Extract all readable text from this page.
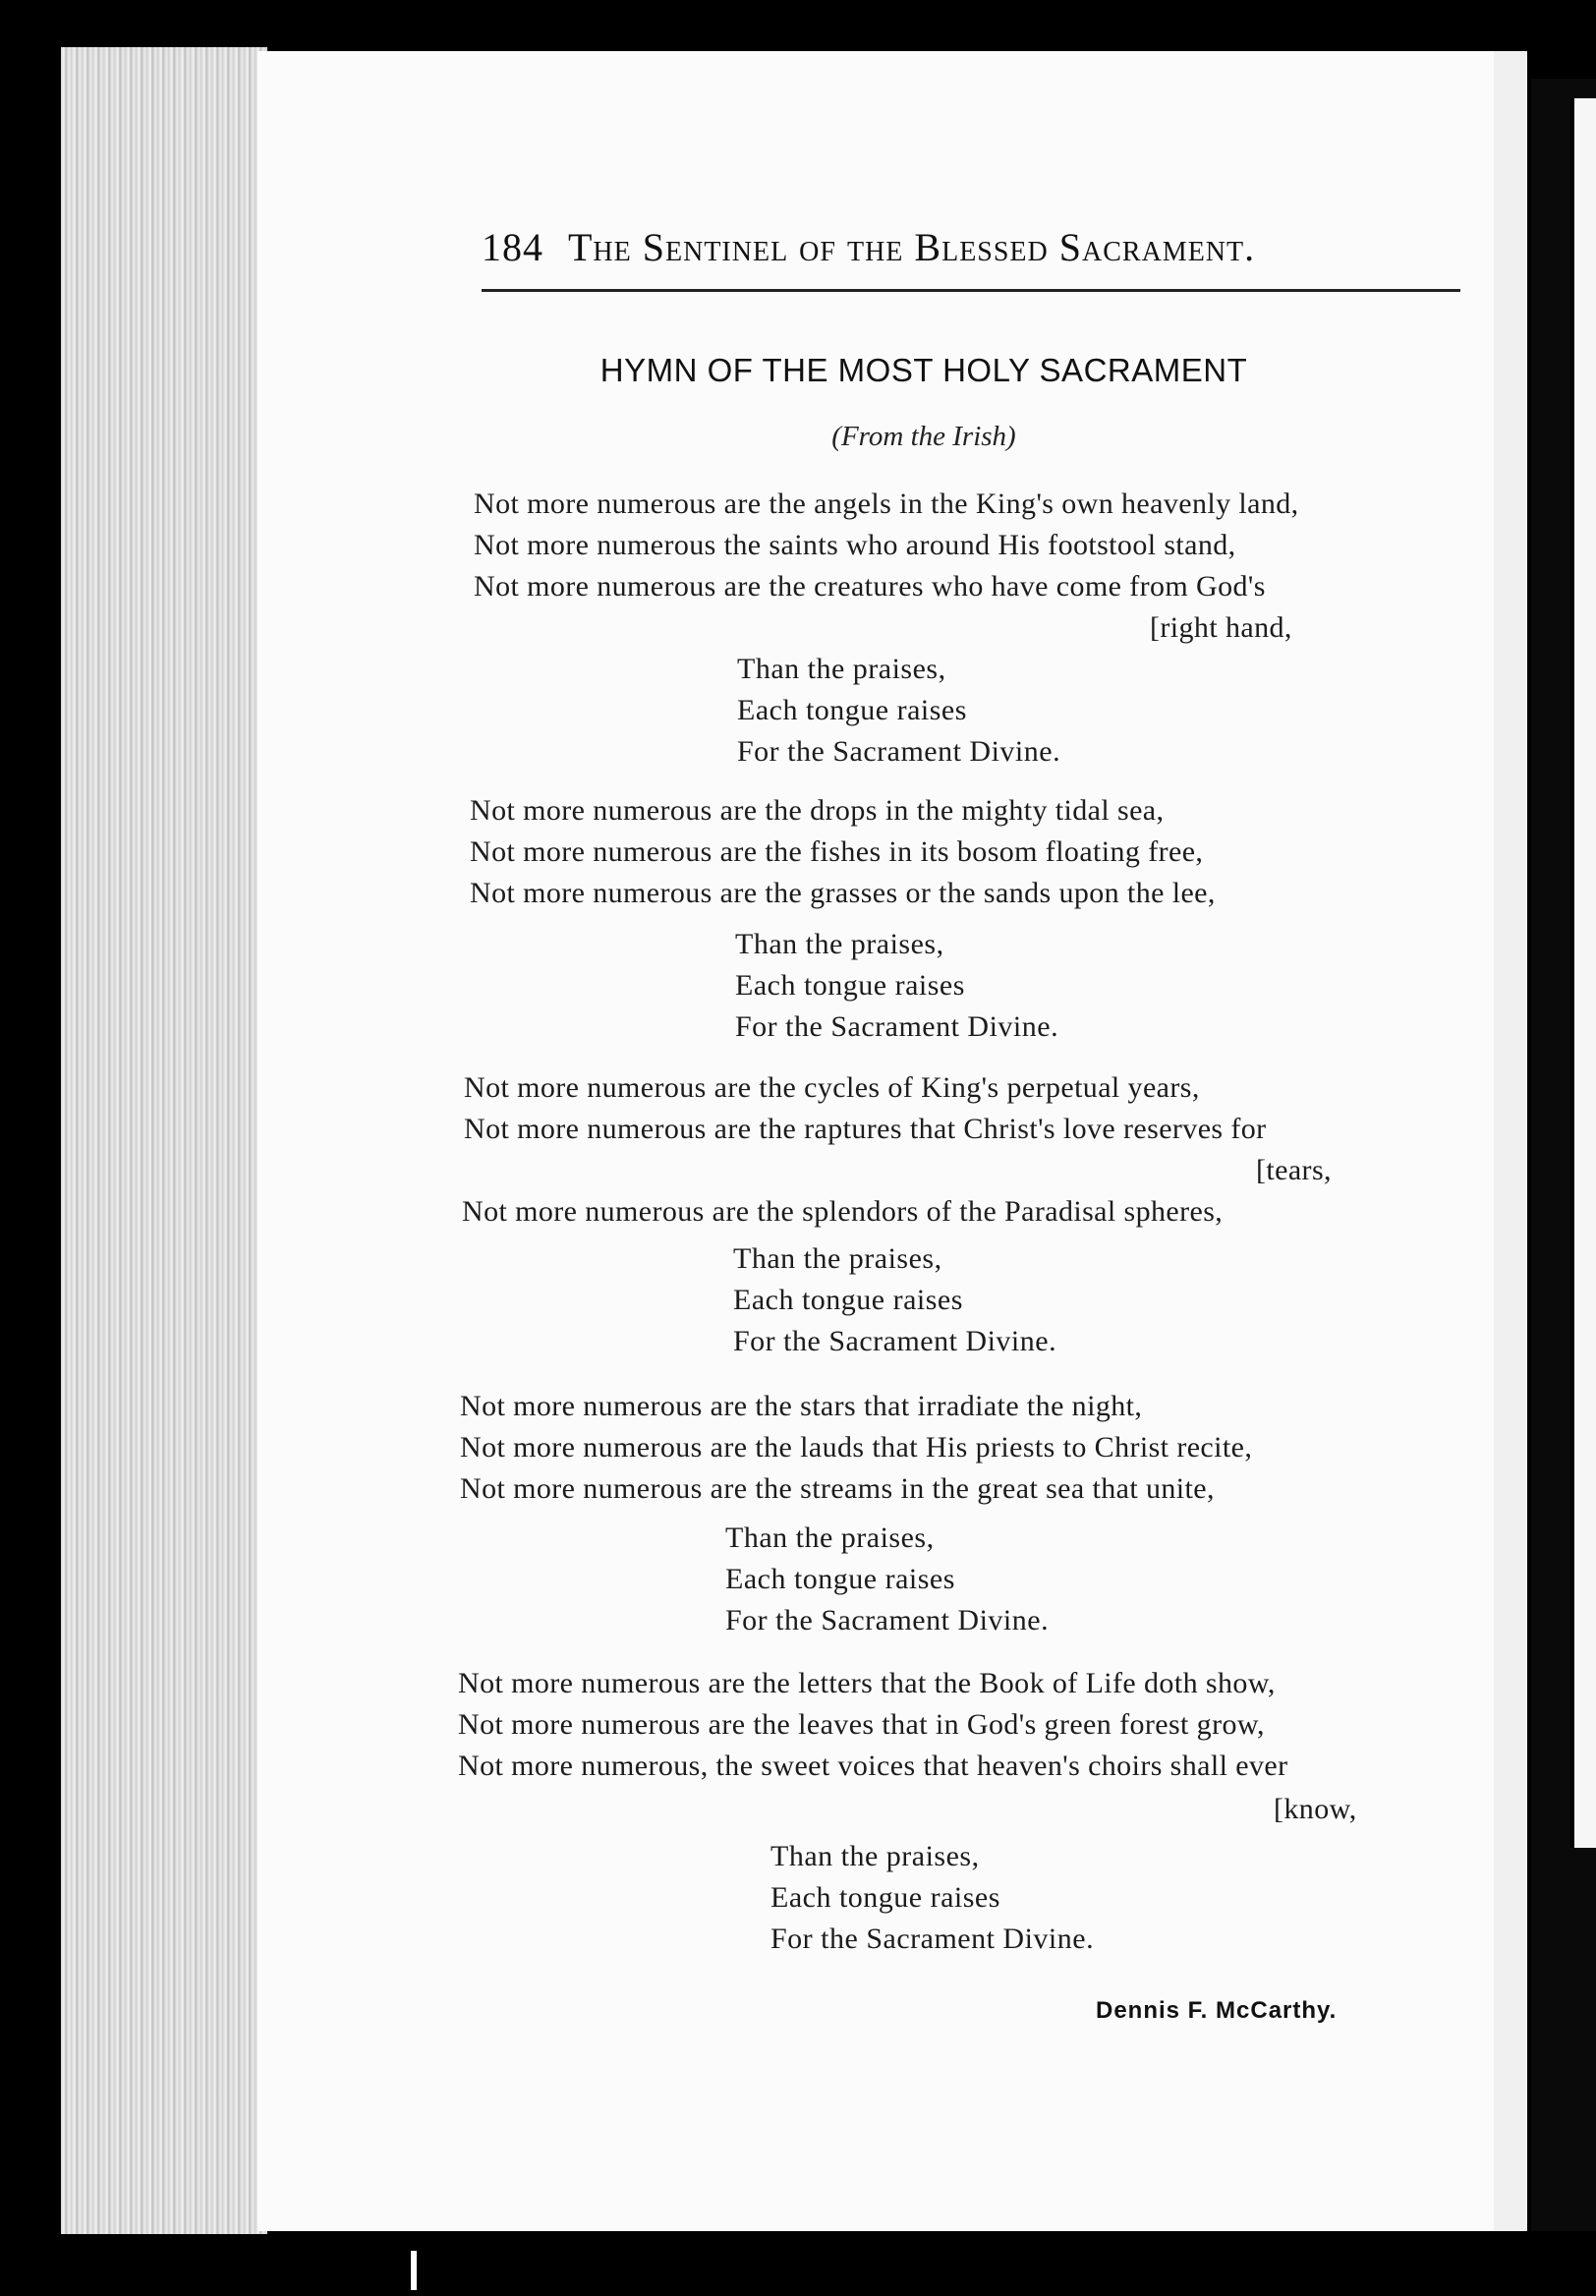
184 The Sentinel of the Blessed Sacrament.
HYMN OF THE MOST HOLY SACRAMENT
(From the Irish)
Not more numerous are the angels in the King's own heavenly land,
Not more numerous the saints who around His footstool stand,
Not more numerous are the creatures who have come from God's
[right hand,
Than the praises,
Each tongue raises
For the Sacrament Divine.
Not more numerous are the drops in the mighty tidal sea,
Not more numerous are the fishes in its bosom floating free,
Not more numerous are the grasses or the sands upon the lee,
Than the praises,
Each tongue raises
For the Sacrament Divine.
Not more numerous are the cycles of King's perpetual years,
Not more numerous are the raptures that Christ's love reserves for
[tears,
Not more numerous are the splendors of the Paradisal spheres,
Than the praises,
Each tongue raises
For the Sacrament Divine.
Not more numerous are the stars that irradiate the night,
Not more numerous are the lauds that His priests to Christ recite,
Not more numerous are the streams in the great sea that unite,
Than the praises,
Each tongue raises
For the Sacrament Divine.
Not more numerous are the letters that the Book of Life doth show,
Not more numerous are the leaves that in God's green forest grow,
Not more numerous, the sweet voices that heaven's choirs shall ever
[know,
Than the praises,
Each tongue raises
For the Sacrament Divine.
Dennis F. McCarthy.
